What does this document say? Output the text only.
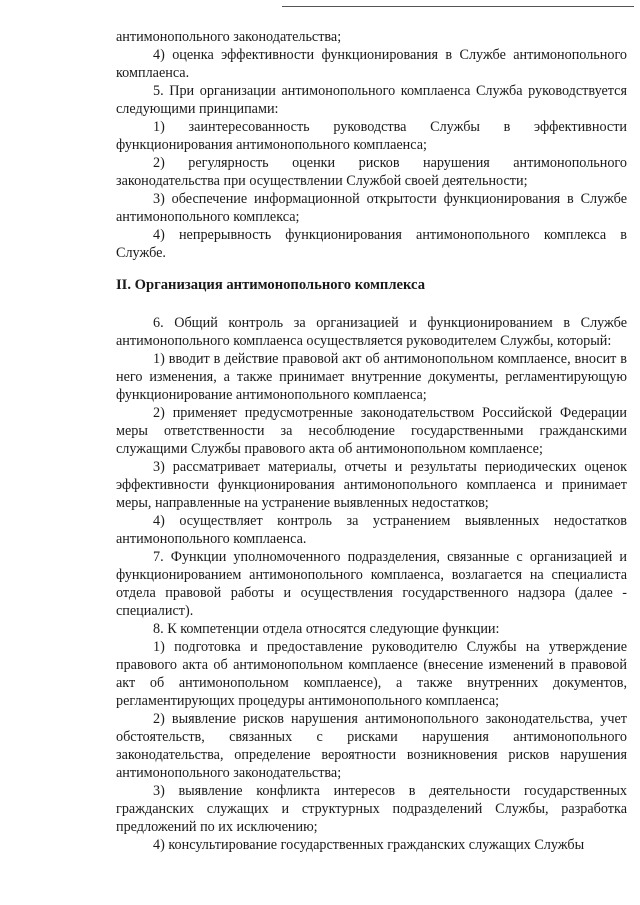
антимонопольного законодательства;

4) оценка эффективности функционирования в Службе антимонопольного комплаенса.

5. При организации антимонопольного комплаенса Служба руководствуется следующими принципами:

1) заинтересованность руководства Службы в эффективности функционирования антимонопольного комплаенса;

2) регулярность оценки рисков нарушения антимонопольного законодательства при осуществлении Службой своей деятельности;

3) обеспечение информационной открытости функционирования в Службе антимонопольного комплекса;

4) непрерывность функционирования антимонопольного комплекса в Службе.

II. Организация антимонопольного комплекса

6. Общий контроль за организацией и функционированием в Службе антимонопольного комплаенса осуществляется руководителем Службы, который:

1) вводит в действие правовой акт об антимонопольном комплаенсе, вносит в него изменения, а также принимает внутренние документы, регламентирующую функционирование антимонопольного комплаенса;

2) применяет предусмотренные законодательством Российской Федерации меры ответственности за несоблюдение государственными гражданскими служащими Службы правового акта об антимонопольном комплаенсе;

3) рассматривает материалы, отчеты и результаты периодических оценок эффективности функционирования антимонопольного комплаенса и принимает меры, направленные на устранение выявленных недостатков;

4) осуществляет контроль за устранением выявленных недостатков антимонопольного комплаенса.

7. Функции уполномоченного подразделения, связанные с организацией и функционированием антимонопольного комплаенса, возлагается на специалиста отдела правовой работы и осуществления государственного надзора (далее - специалист).

8. К компетенции отдела относятся следующие функции:

1) подготовка и предоставление руководителю Службы на утверждение правового акта об антимонопольном комплаенсе (внесение изменений в правовой акт об антимонопольном комплаенсе), а также внутренних документов, регламентирующих процедуры антимонопольного комплаенса;

2) выявление рисков нарушения антимонопольного законодательства, учет обстоятельств, связанных с рисками нарушения антимонопольного законодательства, определение вероятности возникновения рисков нарушения антимонопольного законодательства;

3) выявление конфликта интересов в деятельности государственных гражданских служащих и структурных подразделений Службы, разработка предложений по их исключению;

4) консультирование государственных гражданских служащих Службы
